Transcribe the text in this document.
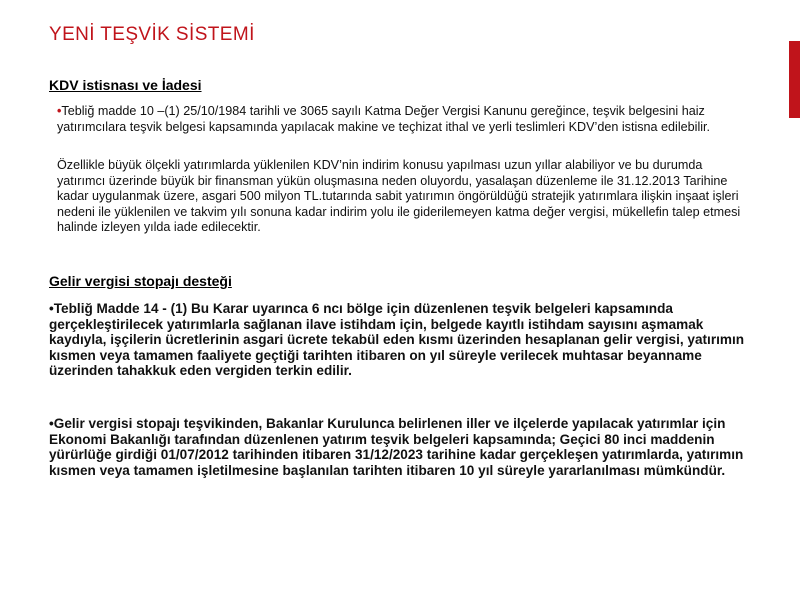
YENİ TEŞVİK SİSTEMİ
KDV istisnası ve İadesi
•Tebliğ madde 10 –(1) 25/10/1984 tarihli ve 3065 sayılı Katma Değer Vergisi Kanunu gereğince, teşvik belgesini haiz yatırımcılara teşvik belgesi kapsamında yapılacak makine ve teçhizat ithal ve yerli teslimleri KDV’den istisna edilebilir.
Özellikle büyük ölçekli yatırımlarda yüklenilen KDV’nin indirim konusu yapılması uzun yıllar alabiliyor ve bu durumda yatırımcı üzerinde büyük bir finansman yükün oluşmasına neden oluyordu, yasalaşan düzenleme ile 31.12.2013 Tarihine kadar uygulanmak üzere, asgari 500 milyon TL.tutarında sabit yatırımın öngörüldüğü stratejik yatırımlara ilişkin inşaat işleri nedeni ile yüklenilen ve takvim yılı sonuna kadar indirim yolu ile giderilemeyen katma değer vergisi, mükellefin talep etmesi halinde izleyen yılda iade edilecektir.
Gelir vergisi stopajı desteği
•Tebliğ Madde 14 - (1) Bu Karar uyarınca 6 ncı bölge için düzenlenen teşvik belgeleri kapsamında gerçekleştirilecek yatırımlarla sağlanan ilave istihdam için, belgede kayıtlı istihdam sayısını aşmamak kaydıyla, işçilerin ücretlerinin asgari ücrete tekabül eden kısmı üzerinden hesaplanan gelir vergisi, yatırımın kısmen veya tamamen faaliyete geçtiği tarihten itibaren on yıl süreyle verilecek muhtasar beyanname üzerinden tahakkuk eden vergiden terkin edilir.
•Gelir vergisi stopajı teşvikinden, Bakanlar Kurulunca belirlenen iller ve ilçelerde yapılacak yatırımlar için Ekonomi Bakanlığı tarafından düzenlenen yatırım teşvik belgeleri kapsamında; Geçici 80 inci maddenin yürürlüğe girdiği 01/07/2012 tarihinden itibaren 31/12/2023 tarihine kadar gerçekleşen yatırımlarda, yatırımın kısmen veya tamamen işletilmesine başlanılan tarihten itibaren 10 yıl süreyle yararlanılması mümkündür.
